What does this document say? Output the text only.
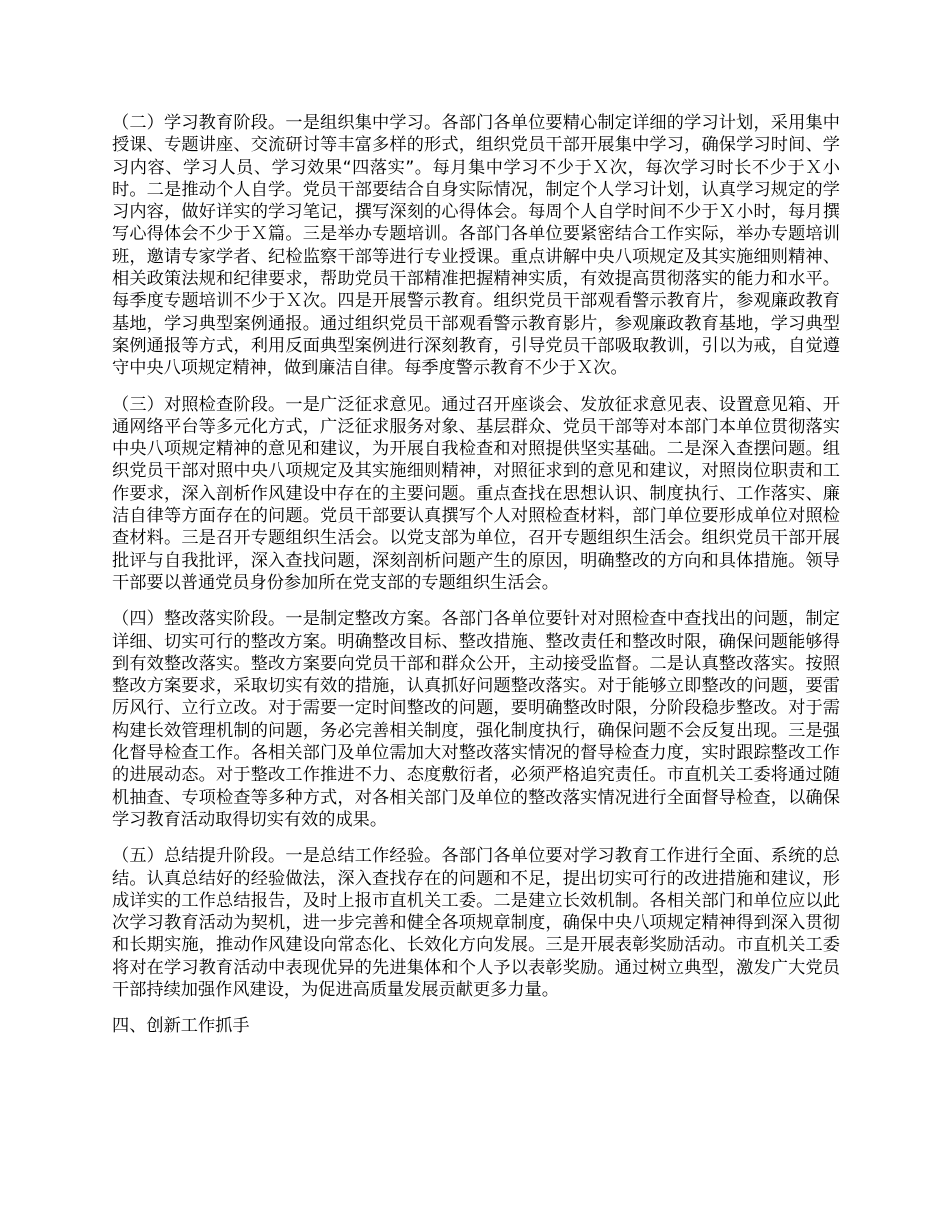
（二）学习教育阶段。一是组织集中学习。各部门各单位要精心制定详细的学习计划，采用集中授课、专题讲座、交流研讨等丰富多样的形式，组织党员干部开展集中学习，确保学习时间、学习内容、学习人员、学习效果“四落实”。每月集中学习不少于Ｘ次，每次学习时长不少于Ｘ小时。二是推动个人自学。党员干部要结合自身实际情况，制定个人学习计划，认真学习规定的学习内容，做好详实的学习笔记，撰写深刻的心得体会。每周个人自学时间不少于Ｘ小时，每月撰写心得体会不少于Ｘ篇。三是举办专题培训。各部门各单位要紧密结合工作实际，举办专题培训班，邀请专家学者、纪检监察干部等进行专业授课。重点讲解中央八项规定及其实施细则精神、相关政策法规和纪律要求，帮助党员干部精准把握精神实质，有效提高贯彻落实的能力和水平。每季度专题培训不少于Ｘ次。四是开展警示教育。组织党员干部观看警示教育片，参观廉政教育基地，学习典型案例通报。通过组织党员干部观看警示教育影片，参观廉政教育基地，学习典型案例通报等方式，利用反面典型案例进行深刻教育，引导党员干部吸取教训，引以为戒，自觉遵守中央八项规定精神，做到廉洁自律。每季度警示教育不少于Ｘ次。

（三）对照检查阶段。一是广泛征求意见。通过召开座谈会、发放征求意见表、设置意见箱、开通网络平台等多元化方式，广泛征求服务对象、基层群众、党员干部等对本部门本单位贯彻落实中央八项规定精神的意见和建议，为开展自我检查和对照提供坚实基础。二是深入查摆问题。组织党员干部对照中央八项规定及其实施细则精神，对照征求到的意见和建议，对照岗位职责和工作要求，深入剖析作风建设中存在的主要问题。重点查找在思想认识、制度执行、工作落实、廉洁自律等方面存在的问题。党员干部要认真撰写个人对照检查材料，部门单位要形成单位对照检查材料。三是召开专题组织生活会。以党支部为单位，召开专题组织生活会。组织党员干部开展批评与自我批评，深入查找问题，深刻剖析问题产生的原因，明确整改的方向和具体措施。领导干部要以普通党员身份参加所在党支部的专题组织生活会。

（四）整改落实阶段。一是制定整改方案。各部门各单位要针对对照检查中查找出的问题，制定详细、切实可行的整改方案。明确整改目标、整改措施、整改责任和整改时限，确保问题能够得到有效整改落实。整改方案要向党员干部和群众公开，主动接受监督。二是认真整改落实。按照整改方案要求，采取切实有效的措施，认真抓好问题整改落实。对于能够立即整改的问题，要雷厉风行、立行立改。对于需要一定时间整改的问题，要明确整改时限，分阶段稳步整改。对于需构建长效管理机制的问题，务必完善相关制度，强化制度执行，确保问题不会反复出现。三是强化督导检查工作。各相关部门及单位需加大对整改落实情况的督导检查力度，实时跟踪整改工作的进展动态。对于整改工作推进不力、态度敷衍者，必须严格追究责任。市直机关工委将通过随机抽查、专项检查等多种方式，对各相关部门及单位的整改落实情况进行全面督导检查，以确保学习教育活动取得切实有效的成果。

（五）总结提升阶段。一是总结工作经验。各部门各单位要对学习教育工作进行全面、系统的总结。认真总结好的经验做法，深入查找存在的问题和不足，提出切实可行的改进措施和建议，形成详实的工作总结报告，及时上报市直机关工委。二是建立长效机制。各相关部门和单位应以此次学习教育活动为契机，进一步完善和健全各项规章制度，确保中央八项规定精神得到深入贯彻和长期实施，推动作风建设向常态化、长效化方向发展。三是开展表彰奖励活动。市直机关工委将对在学习教育活动中表现优异的先进集体和个人予以表彰奖励。通过树立典型，激发广大党员干部持续加强作风建设，为促进高质量发展贡献更多力量。

四、创新工作抓手
